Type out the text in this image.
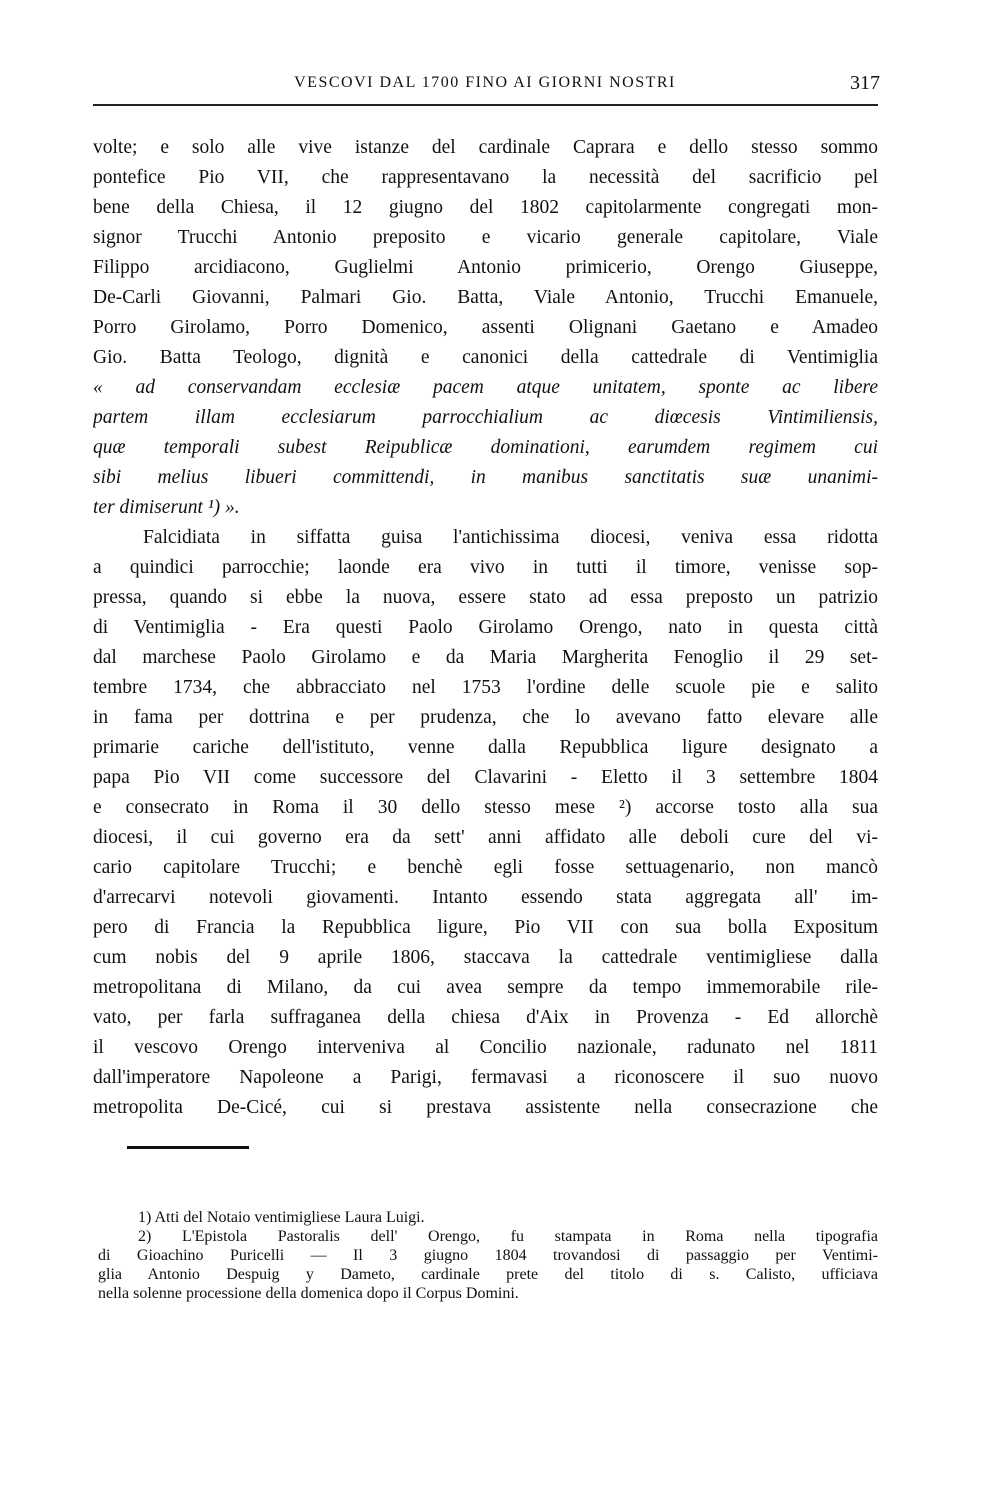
VESCOVI DAL 1700 FINO AI GIORNI NOSTRI	317
volte; e solo alle vive istanze del cardinale Caprara e dello stesso sommo
pontefice Pio VII, che rappresentavano la necessità del sacrificio pel
bene della Chiesa, il 12 giugno del 1802 capitolarmente congregati mon-
signor Trucchi Antonio preposito e vicario generale capitolare, Viale
Filippo arcidiacono, Guglielmi Antonio primicerio, Orengo Giuseppe,
De-Carli Giovanni, Palmari Gio. Batta, Viale Antonio, Trucchi Emanuele,
Porro Girolamo, Porro Domenico, assenti Olignani Gaetano e Amadeo
Gio. Batta Teologo, dignità e canonici della cattedrale di Ventimiglia
« ad conservandam ecclesiæ pacem atque unitatem, sponte ac libere
partem illam ecclesiarum parrocchialium ac diœcesis Vintimiliensis,
quæ temporali subest Reipublicæ dominationi, earumdem regimem cui
sibi melius libueri committendi, in manibus sanctitatis suæ unanimi-
ter dimiserunt ¹) ».
Falcidiata in siffatta guisa l'antichissima diocesi, veniva essa ridotta
a quindici parrocchie; laonde era vivo in tutti il timore, venisse sop-
pressa, quando si ebbe la nuova, essere stato ad essa preposto un patrizio
di Ventimiglia - Era questi Paolo Girolamo Orengo, nato in questa città
dal marchese Paolo Girolamo e da Maria Margherita Fenoglio il 29 set-
tembre 1734, che abbracciato nel 1753 l'ordine delle scuole pie e salito
in fama per dottrina e per prudenza, che lo avevano fatto elevare alle
primarie cariche dell'istituto, venne dalla Repubblica ligure designato a
papa Pio VII come successore del Clavarini - Eletto il 3 settembre 1804
e consecrato in Roma il 30 dello stesso mese ²) accorse tosto alla sua
diocesi, il cui governo era da sett' anni affidato alle deboli cure del vi-
cario capitolare Trucchi; e benchè egli fosse settuagenario, non mancò
d'arrecarvi notevoli giovamenti. Intanto essendo stata aggregata all' im-
pero di Francia la Repubblica ligure, Pio VII con sua bolla Expositum
cum nobis del 9 aprile 1806, staccava la cattedrale ventimigliese dalla
metropolitana di Milano, da cui avea sempre da tempo immemorabile rile-
vato, per farla suffraganea della chiesa d'Aix in Provenza - Ed allorchè
il vescovo Orengo interveniva al Concilio nazionale, radunato nel 1811
dall'imperatore Napoleone a Parigi, fermavasi a riconoscere il suo nuovo
metropolita De-Cicé, cui si prestava assistente nella consecrazione che
1) Atti del Notaio ventimigliese Laura Luigi.
2) L'Epistola Pastoralis dell' Orengo, fu stampata in Roma nella tipografia
di Gioachino Puricelli — Il 3 giugno 1804 trovandosi di passaggio per Ventimi-
glia Antonio Despuig y Dameto, cardinale prete del titolo di s. Calisto, ufficiava
nella solenne processione della domenica dopo il Corpus Domini.
